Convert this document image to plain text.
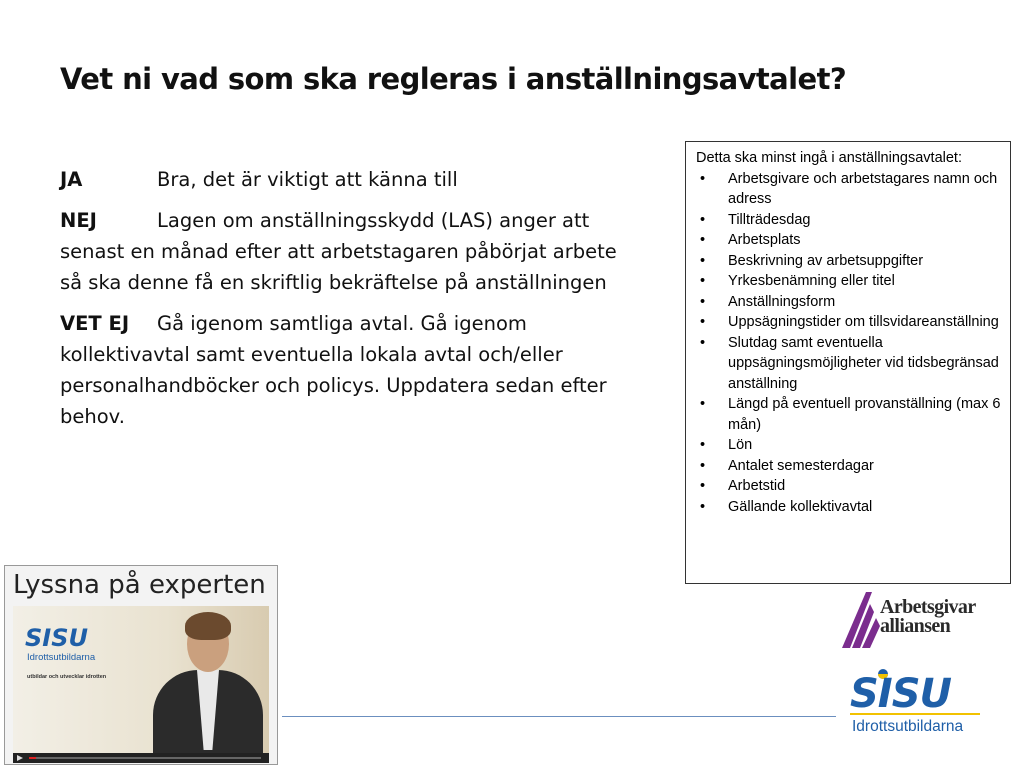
Vet ni vad som ska regleras i anställningsavtalet?

JA	Bra, det är viktigt att känna till

NEJ	Lagen om anställningsskydd (LAS) anger att senast en månad efter att arbetstagaren påbörjat arbete så ska denne få en skriftlig bekräftelse på anställningen

VET EJ Gå igenom samtliga avtal. Gå igenom kollektivavtal samt eventuella lokala avtal och/eller personalhandböcker och policys. Uppdatera sedan efter behov.

Detta ska minst ingå i anställningsavtalet:
• Arbetsgivare och arbetstagares namn och adress
• Tillträdesdag
• Arbetsplats
• Beskrivning av arbetsuppgifter
• Yrkesbenämning eller titel
• Anställningsform
• Uppsägningstider om tillsvidareanställning
• Slutdag samt eventuella uppsägningsmöjligheter vid tidsbegränsad anställning
• Längd på eventuell provanställning (max 6 mån)
• Lön
• Antalet semesterdagar
• Arbetstid
• Gällande kollektivavtal
Lyssna på experten
SISU
Idrottsutbildarna
utbildar och utvecklar idrotten
Arbetsgivar
alliansen
SISU
Idrottsutbildarna
